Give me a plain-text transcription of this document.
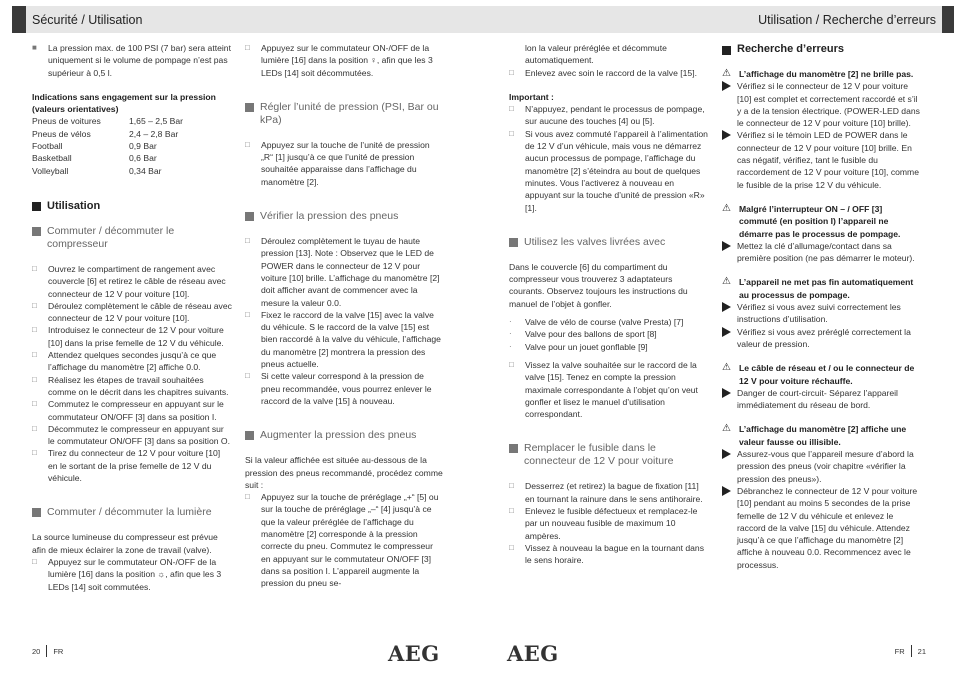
Sécurité / Utilisation
■	La pression max. de 100 PSI (7 bar) sera atteint uniquement si le volume de pompage n’est pas supérieur à 0,5 l.

Indications sans engagement sur la pression (valeurs orientatives)

Pneus de voitures	1,65 – 2,5 Bar
Pneus de vélos	2,4 – 2,8 Bar
Football	0,9 Bar
Basketball	0,6 Bar
Volleyball	0,34 Bar
Utilisation
Commuter / décommuter le compresseur
□	Ouvrez le compartiment de rangement avec couvercle [6] et retirez le câble de réseau avec connecteur de 12 V pour voiture [10].

□	Déroulez complètement le câble de réseau avec connecteur de 12 V pour voiture [10].

□	Introduisez le connecteur de 12 V pour voiture [10] dans la prise femelle de 12 V du véhicule.

□	Attendez quelques secondes jusqu’à ce que l’affichage du manomètre [2] affiche 0.0.

□	Réalisez les étapes de travail souhaitées comme on le décrit dans les chapitres suivants.

□	Commutez le compresseur en appuyant sur le commutateur ON/OFF [3] dans sa position I.

□	Décommutez le compresseur en appuyant sur le commutateur ON/OFF [3] dans sa position O.

□	Tirez du connecteur de 12 V pour voiture [10] en le sortant de la prise femelle de 12 V du véhicule.

Commuter / décommuter la lumière

La source lumineuse du compresseur est prévue afin de mieux éclairer la zone de travail (valve).

□	Appuyez sur le commutateur ON-/OFF de la lumière [16] dans la position ☼, afin que les 3 LEDs [14] soit commutées.

□	Appuyez sur le commutateur ON-/OFF de la lumière [16] dans la position ♀, afin que les 3 LEDs [14] soit décommutées.

Régler l’unité de pression (PSI, Bar ou kPa)
□	Appuyez sur la touche de l’unité de pression „R“ [1] jusqu’à ce que l’unité de pression souhaitée apparaisse dans l’affichage du manomètre [2].

Vérifier la pression des pneus
□	Déroulez complètement le tuyau de haute pression [13]. Note : Observez que le LED de POWER dans le connecteur de 12 V pour voiture [10] brille. L’affichage du manomètre [2] doit afficher avant de commencer avec la mesure la valeur 0.0.

□	Fixez le raccord de la valve [15] avec la valve du véhicule. S le raccord de la valve [15] est bien raccordé à la valve du véhicule, l’affichage du manomètre [2] montrera la pression des pneus actuelle.

□	Si cette valeur correspond à la pression de pneu recommandée, vous pourrez enlever le raccord de la valve [15] à nouveau.

Augmenter la pression des pneus

Si la valeur affichée est située au-dessous de la pression des pneus recommandé, procédez comme suit :

□	Appuyez sur la touche de préréglage „+“ [5] ou sur la touche de préréglage „–“ [4] jusqu’à ce que la valeur préréglée de l’affichage du manomètre [2] corresponde à la pression correcte du pneu. Commutez le compresseur en appuyant sur le commutateur ON/OFF [3] dans sa position I. L’appareil augmente la pression du pneu se-

20 FR	AEG
Utilisation / Recherche d’erreurs

lon la valeur préréglée et décommute automatiquement.

□	Enlevez avec soin le raccord de la valve [15].

Important :

□	N’appuyez, pendant le processus de pompage, sur aucune des touches [4] ou [5].

□	Si vous avez commuté l’appareil à l’alimentation de 12 V d’un véhicule, mais vous ne démarrez aucun processus de pompage, l’affichage du manomètre [2] s’éteindra au bout de quelques minutes. Vous l’activerez à nouveau en appuyant sur la touche d’unité de pression «R» [1].

Utilisez les valves livrées avec

Dans le couvercle [6] du compartiment du compresseur vous trouverez 3 adaptateurs courants. Observez toujours les instructions du manuel de l’objet à gonfler.

·	Valve de vélo de course (valve Presta) [7]

·	Valve pour des ballons de sport [8]

·	Valve pour un jouet gonflable [9]

□	Vissez la valve souhaitée sur le raccord de la valve [15]. Tenez en compte la pression maximale correspondante à l’objet qu’on veut gonfler et lisez le manuel d’utilisation correspondant.

Remplacer le fusible dans le connecteur de 12 V pour voiture
□	Desserrez (et retirez) la bague de fixation [11] en tournant la rainure dans le sens antihoraire.

□	Enlevez le fusible défectueux et remplacez-le par un nouveau fusible de maximum 10 ampères.

□	Vissez à nouveau la bague en la tournant dans le sens horaire.

Recherche d’erreurs
⚠ L’affichage du manomètre [2] ne brille pas.

Vérifiez si le connecteur de 12 V pour voiture [10] est complet et correctement raccordé et s’il y a de la tension électrique. (POWER-LED dans le connecteur de 12 V pour voiture [10] brille).

Vérifiez si le témoin LED de POWER dans le connecteur de 12 V pour voiture [10] brille. En cas négatif, vérifiez, tant le fusible du raccordement de 12 V pour voiture [10], comme le fusible de la prise 12 V du véhicule.

⚠ Malgré l’interrupteur ON – / OFF [3] commuté (en position I) l’appareil ne démarre pas le processus de pompage.

Mettez la clé d’allumage/contact dans sa première position (ne pas démarrer le moteur).

⚠ L’appareil ne met pas fin automatiquement au processus de pompage.

Vérifiez si vous avez suivi correctement les instructions d’utilisation.

Vérifiez si vous avez préréglé correctement la valeur de pression.

⚠ Le câble de réseau et / ou le connecteur de 12 V pour voiture réchauffe.

Danger de court-circuit- Séparez l’appareil immédiatement du réseau de bord.

⚠ L’affichage du manomètre [2] affiche une valeur fausse ou illisible.

Assurez-vous que l’appareil mesure d’abord la pression des pneus (voir chapitre «vérifier la pression des pneus»).

Débranchez le connecteur de 12 V pour voiture [10] pendant au moins 5 secondes de la prise femelle de 12 V du véhicule et enlevez le raccord de la valve [15] du véhicule. Attendez jusqu’à ce que l’affichage du manomètre [2] affiche à nouveau 0.0. Recommencez avec le processus.

AEG	FR 21
